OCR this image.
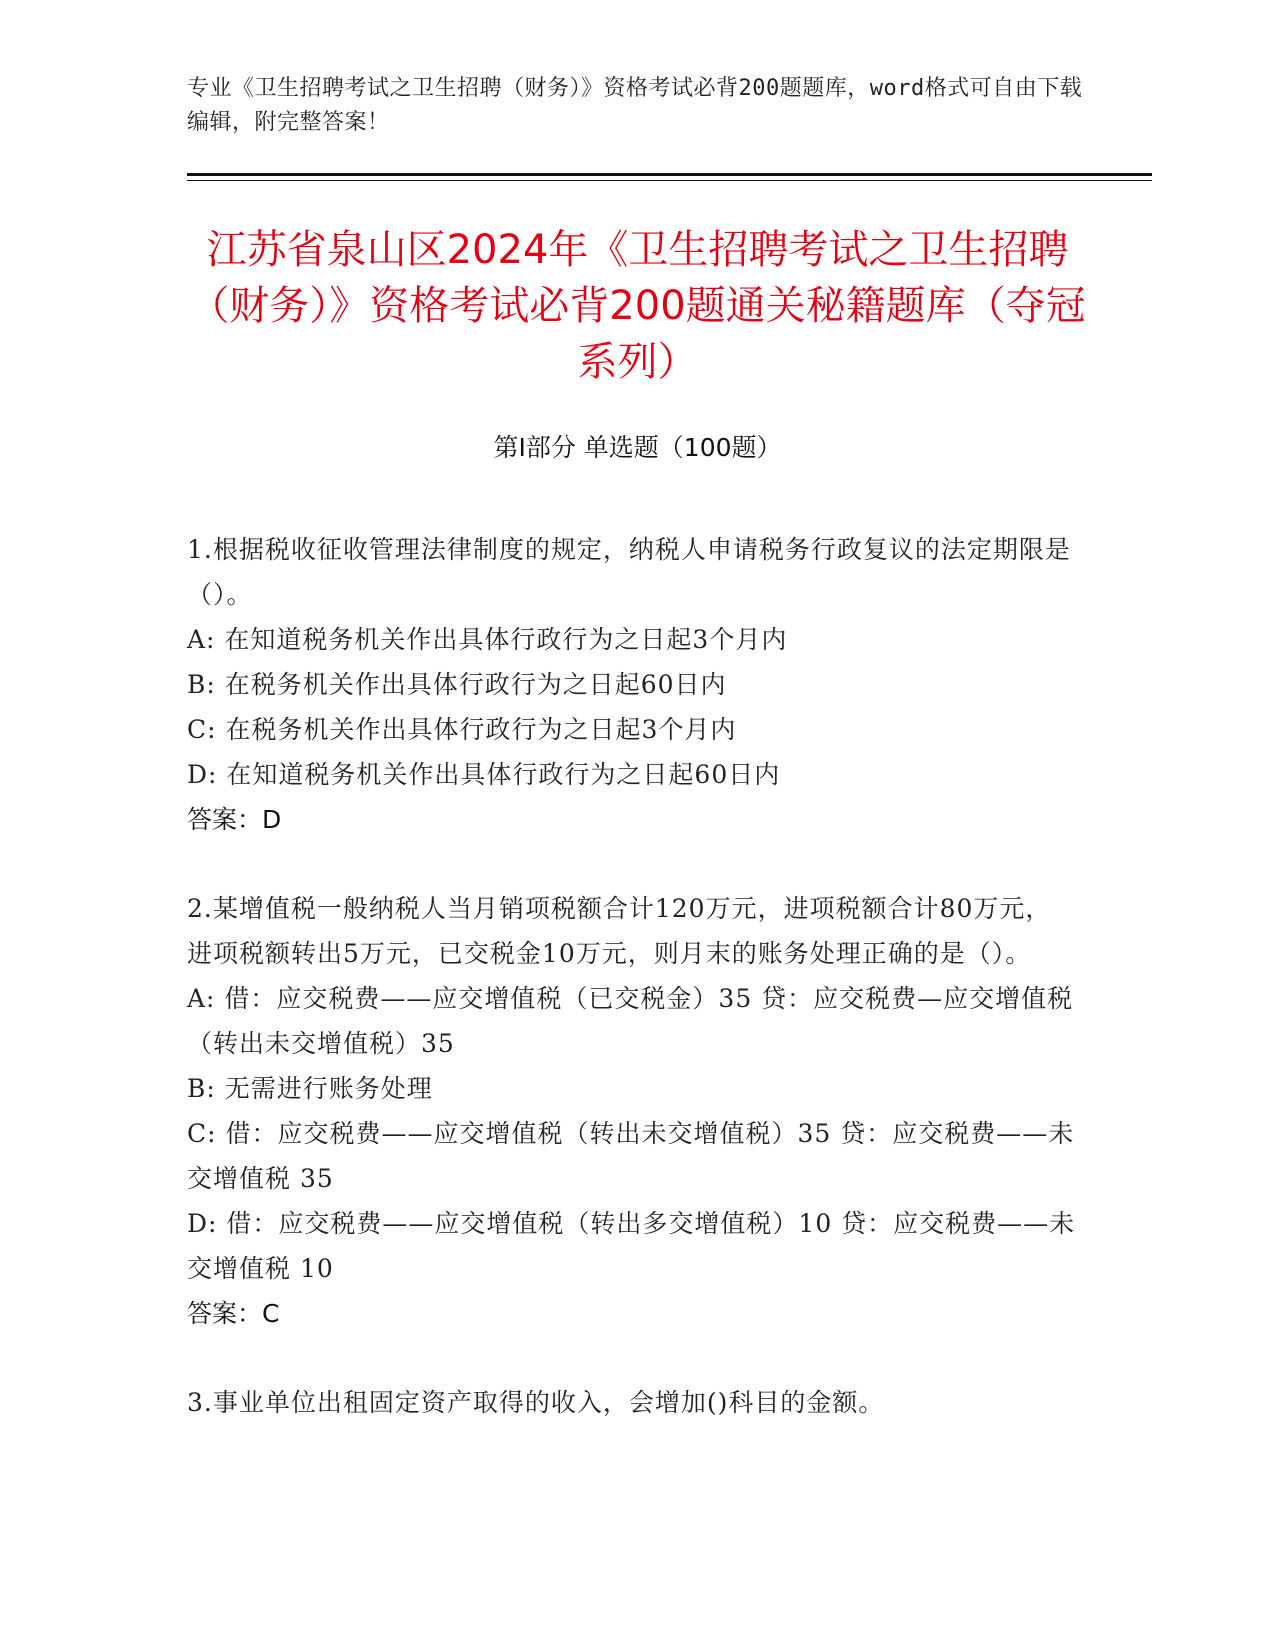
专业《卫生招聘考试之卫生招聘（财务）》资格考试必背200题题库，word格式可自由下载编辑，附完整答案！
江苏省泉山区2024年《卫生招聘考试之卫生招聘（财务）》资格考试必背200题通关秘籍题库（夺冠系列）
第I部分 单选题（100题）
1.根据税收征收管理法律制度的规定，纳税人申请税务行政复议的法定期限是（）。
A: 在知道税务机关作出具体行政行为之日起3个月内
B: 在税务机关作出具体行政行为之日起60日内
C: 在税务机关作出具体行政行为之日起3个月内
D: 在知道税务机关作出具体行政行为之日起60日内
答案：D
2.某增值税一般纳税人当月销项税额合计120万元，进项税额合计80万元，进项税额转出5万元，已交税金10万元，则月末的账务处理正确的是（）。
A: 借：应交税费——应交增值税（已交税金）35 贷：应交税费—应交增值税（转出未交增值税）35
B: 无需进行账务处理
C: 借：应交税费——应交增值税（转出未交增值税）35 贷：应交税费——未交增值税 35
D: 借：应交税费——应交增值税（转出多交增值税）10 贷：应交税费——未交增值税 10
答案：C
3.事业单位出租固定资产取得的收入，会增加()科目的金额。
